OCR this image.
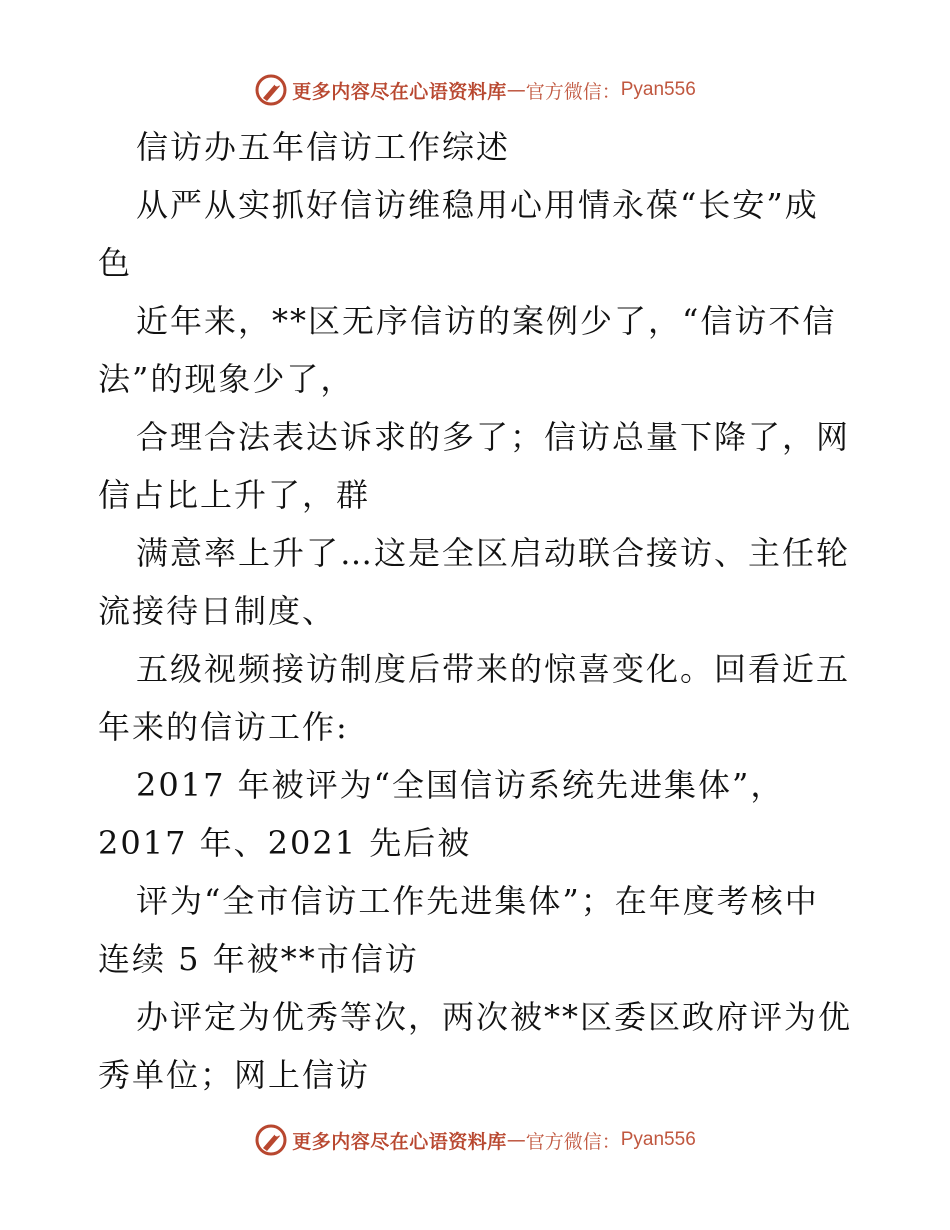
更多内容尽在心语资料库 — 官方微信： Pyan556
信访办五年信访工作综述
从严从实抓好信访维稳用心用情永葆“长安”成
色
近年来，**区无序信访的案例少了，“信访不信
法”的现象少了，
合理合法表达诉求的多了；信访总量下降了，网
信占比上升了，群
满意率上升了…这是全区启动联合接访、主任轮
流接待日制度、
五级视频接访制度后带来的惊喜变化。回看近五
年来的信访工作:
2017 年被评为“全国信访系统先进集体”，
2017 年、2021 先后被
评为“全市信访工作先进集体”；在年度考核中
连续 5 年被**市信访
办评定为优秀等次，两次被**区委区政府评为优
秀单位；网上信访
更多内容尽在心语资料库 — 官方微信： Pyan556
